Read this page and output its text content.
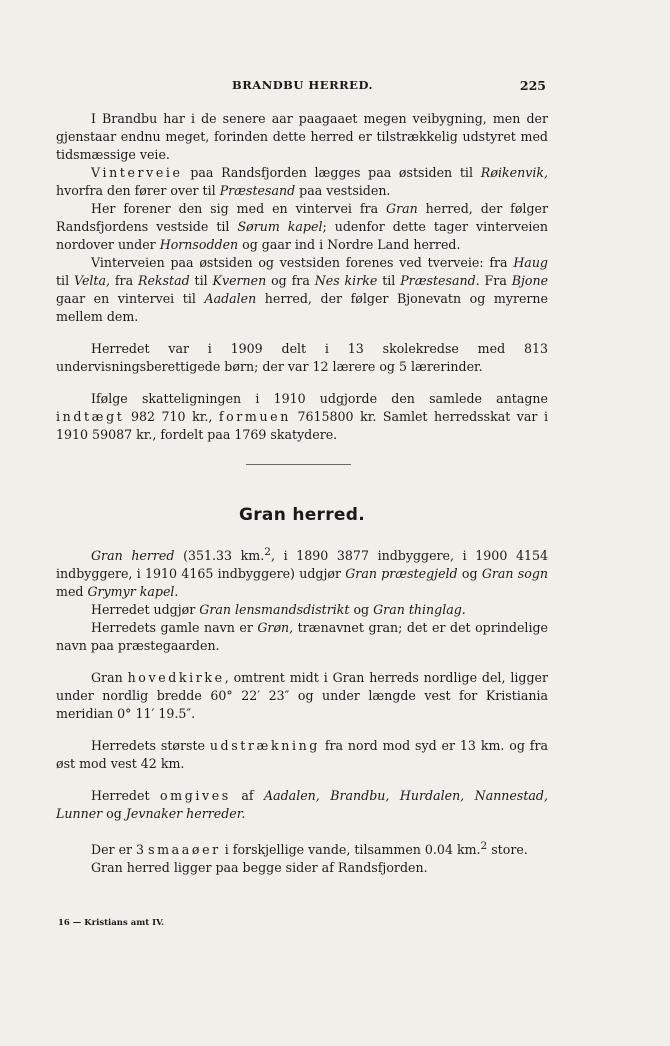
BRANDBU HERRED.	225

I Brandbu har i de senere aar paagaaet megen veibygning, men der gjenstaar endnu meget, forinden dette herred er tilstrækkelig udstyret med tidsmæssige veie.

Vinterveie paa Randsfjorden lægges paa østsiden til Røikenvik, hvorfra den fører over til Præstesand paa vestsiden.

Her forener den sig med en vintervei fra Gran herred, der følger Randsfjordens vestside til Sørum kapel; udenfor dette tager vinterveien nordover under Hornsodden og gaar ind i Nordre Land herred.

Vinterveien paa østsiden og vestsiden forenes ved tverveie: fra Haug til Velta, fra Rekstad til Kvernen og fra Nes kirke til Præstesand. Fra Bjone gaar en vintervei til Aadalen herred, der følger Bjonevatn og myrerne mellem dem.

Herredet var i 1909 delt i 13 skolekredse med 813 undervisningsberettigede børn; der var 12 lærere og 5 lærerinder.

Ifølge skatteligningen i 1910 udgjorde den samlede antagne indtægt 982 710 kr., formuen 7615800 kr. Samlet herredsskat var i 1910 59087 kr., fordelt paa 1769 skatydere.

Gran herred.

Gran herred (351.33 km.$^2$, i 1890 3877 indbyggere, i 1900 4154 indbyggere, i 1910 4165 indbyggere) udgjør Gran præstegjeld og Gran sogn med Grymyr kapel.

Herredet udgjør Gran lensmandsdistrikt og Gran thinglag.

Herredets gamle navn er Grøn, trænavnet gran; det er det oprindelige navn paa præstegaarden.

Gran hovedkirke, omtrent midt i Gran herreds nordlige del, ligger under nordlig bredde 60° 22′ 23″ og under længde vest for Kristiania meridian 0° 11′ 19.5″.

Herredets største udstrækning fra nord mod syd er 13 km. og fra øst mod vest 42 km.

Herredet omgives af Aadalen, Brandbu, Hurdalen, Nannestad, Lunner og Jevnaker herreder.

Der er 3 smaaøer i forskjellige vande, tilsammen 0.04 km.$^2$ store.

Gran herred ligger paa begge sider af Randsfjorden.

16 — Kristians amt IV.
